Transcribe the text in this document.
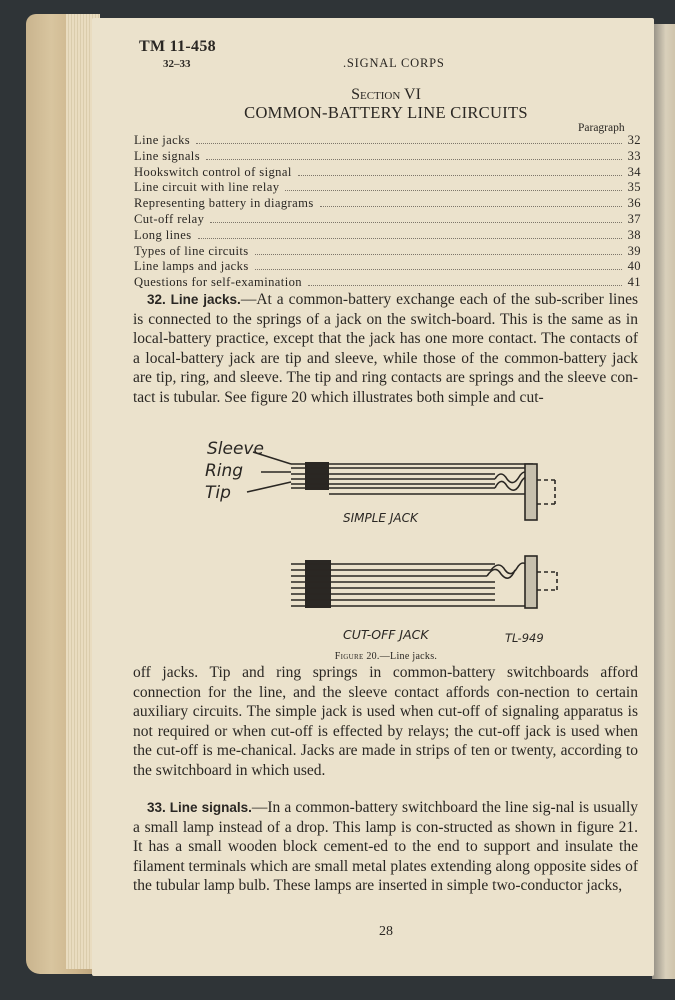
TM 11-458
32–33	.SIGNAL CORPS
Section VI
COMMON-BATTERY LINE CIRCUITS
Paragraph
Line jacks	32
Line signals	33
Hookswitch control of signal	34
Line circuit with line relay	35
Representing battery in diagrams	36
Cut-off relay	37
Long lines	38
Types of line circuits	39
Line lamps and jacks	40
Questions for self-examination	41

32. Line jacks.—At a common-battery exchange each of the sub-scriber lines is connected to the springs of a jack on the switch-board. This is the same as in local-battery practice, except that the jack has one more contact. The contacts of a local-battery jack are tip and sleeve, while those of the common-battery jack are tip, ring, and sleeve. The tip and ring contacts are springs and the sleeve con-tact is tubular. See figure 20 which illustrates both simple and cut-

Sleeve
Ring
Tip
SIMPLE JACK
CUT-OFF JACK	TL-949
Figure 20.—Line jacks.

off jacks. Tip and ring springs in common-battery switchboards afford connection for the line, and the sleeve contact affords con-nection to certain auxiliary circuits. The simple jack is used when cut-off of signaling apparatus is not required or when cut-off is effected by relays; the cut-off jack is used when the cut-off is me-chanical. Jacks are made in strips of ten or twenty, according to the switchboard in which used.

33. Line signals.—In a common-battery switchboard the line sig-nal is usually a small lamp instead of a drop. This lamp is con-structed as shown in figure 21. It has a small wooden block cement-ed to the end to support and insulate the filament terminals which are small metal plates extending along opposite sides of the tubular lamp bulb. These lamps are inserted in simple two-conductor jacks,

28
